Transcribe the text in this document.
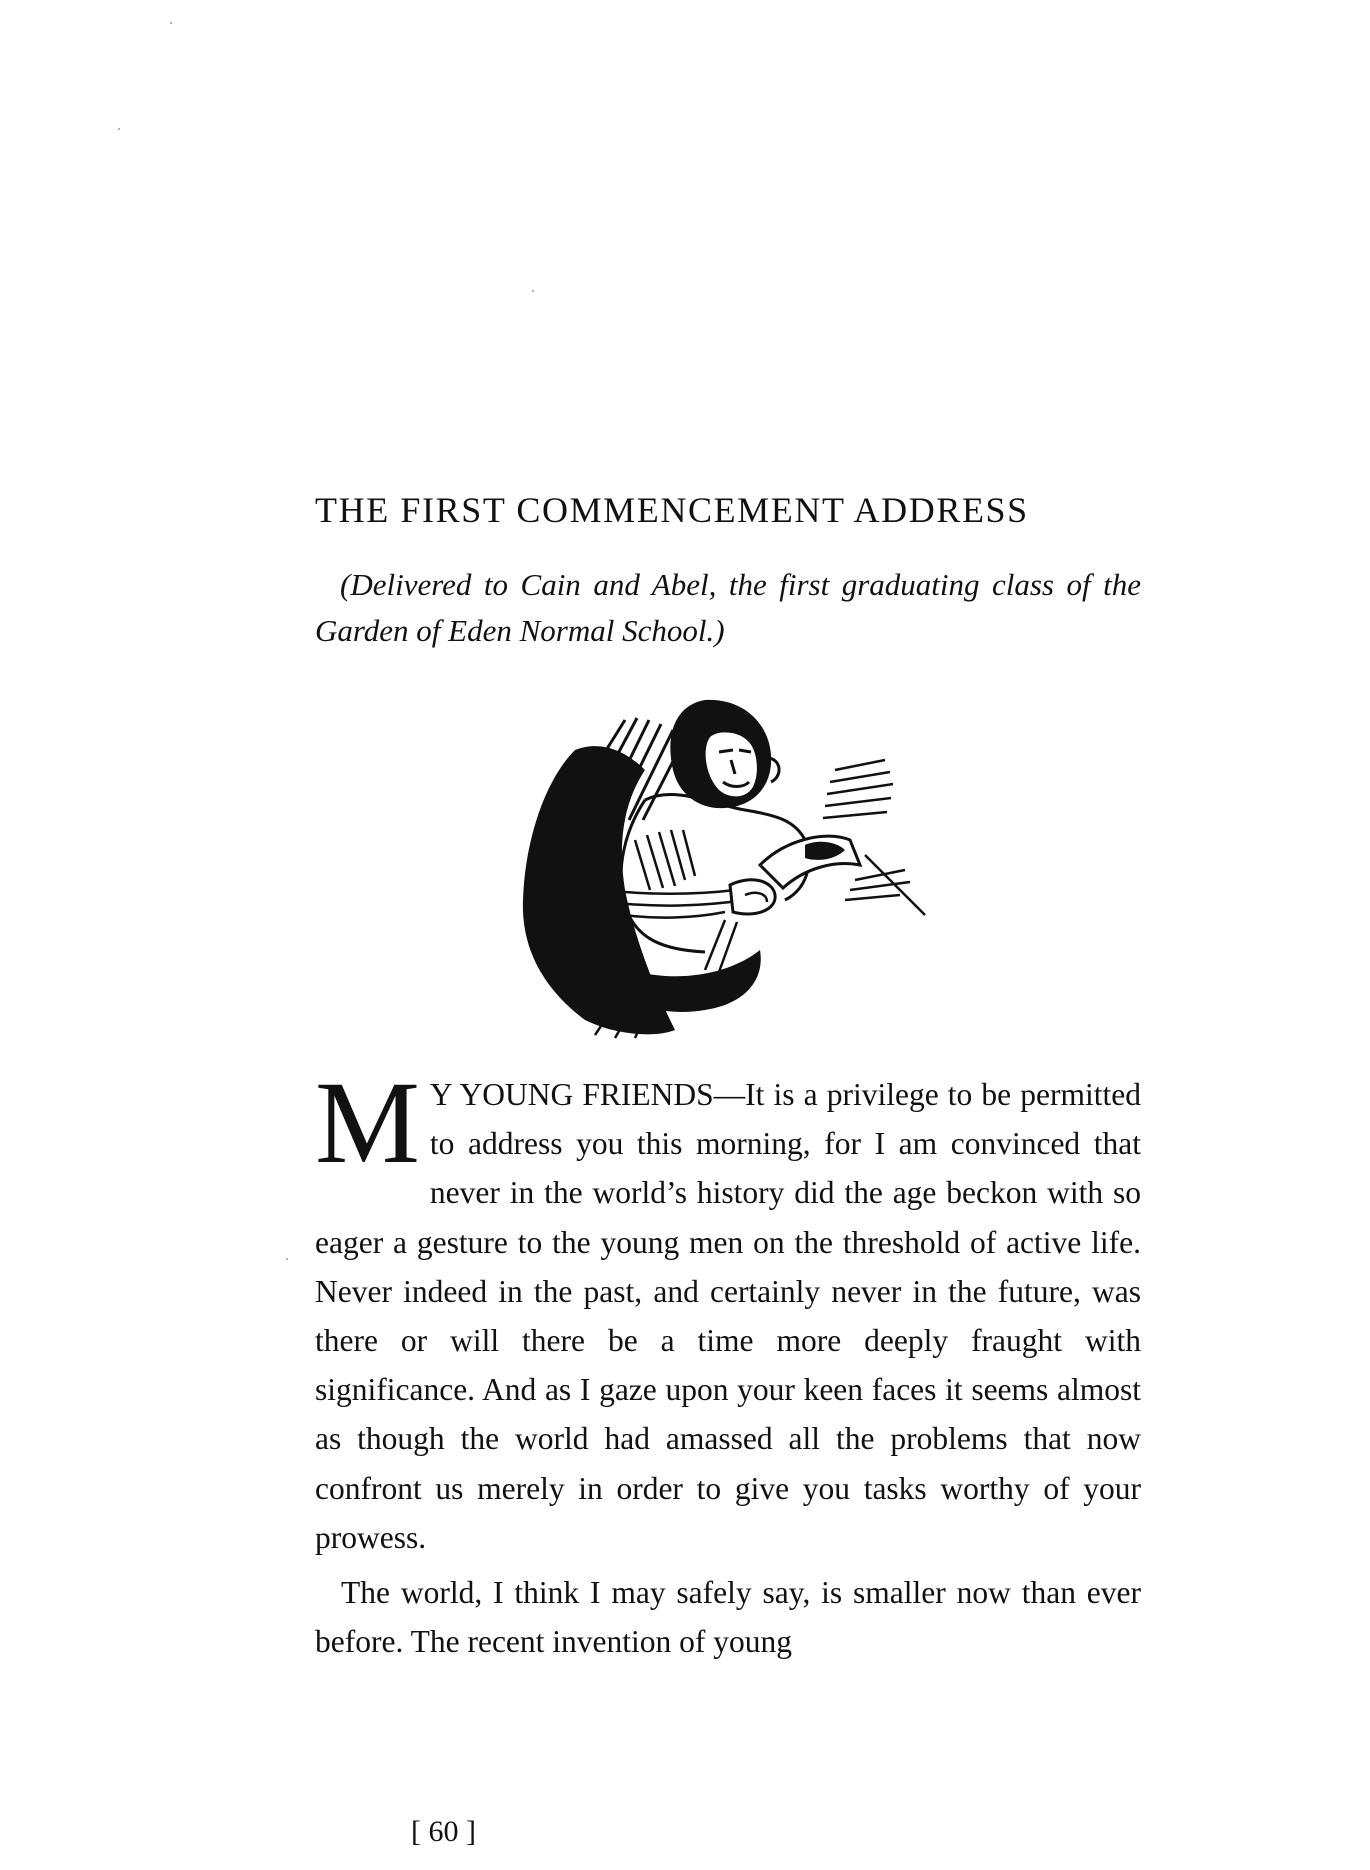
THE FIRST COMMENCEMENT ADDRESS
(Delivered to Cain and Abel, the first graduating class of the Garden of Eden Normal School.)

M Y YOUNG FRIENDS—It is a privilege to be permitted to address you this morning, for I am convinced that never in the world’s history did the age beckon with so eager a gesture to the young men on the threshold of active life. Never indeed in the past, and certainly never in the future, was there or will there be a time more deeply fraught with significance. And as I gaze upon your keen faces it seems almost as though the world had amassed all the problems that now confront us merely in order to give you tasks worthy of your prowess.

The world, I think I may safely say, is smaller now than ever before. The recent invention of young

[ 60 ]
